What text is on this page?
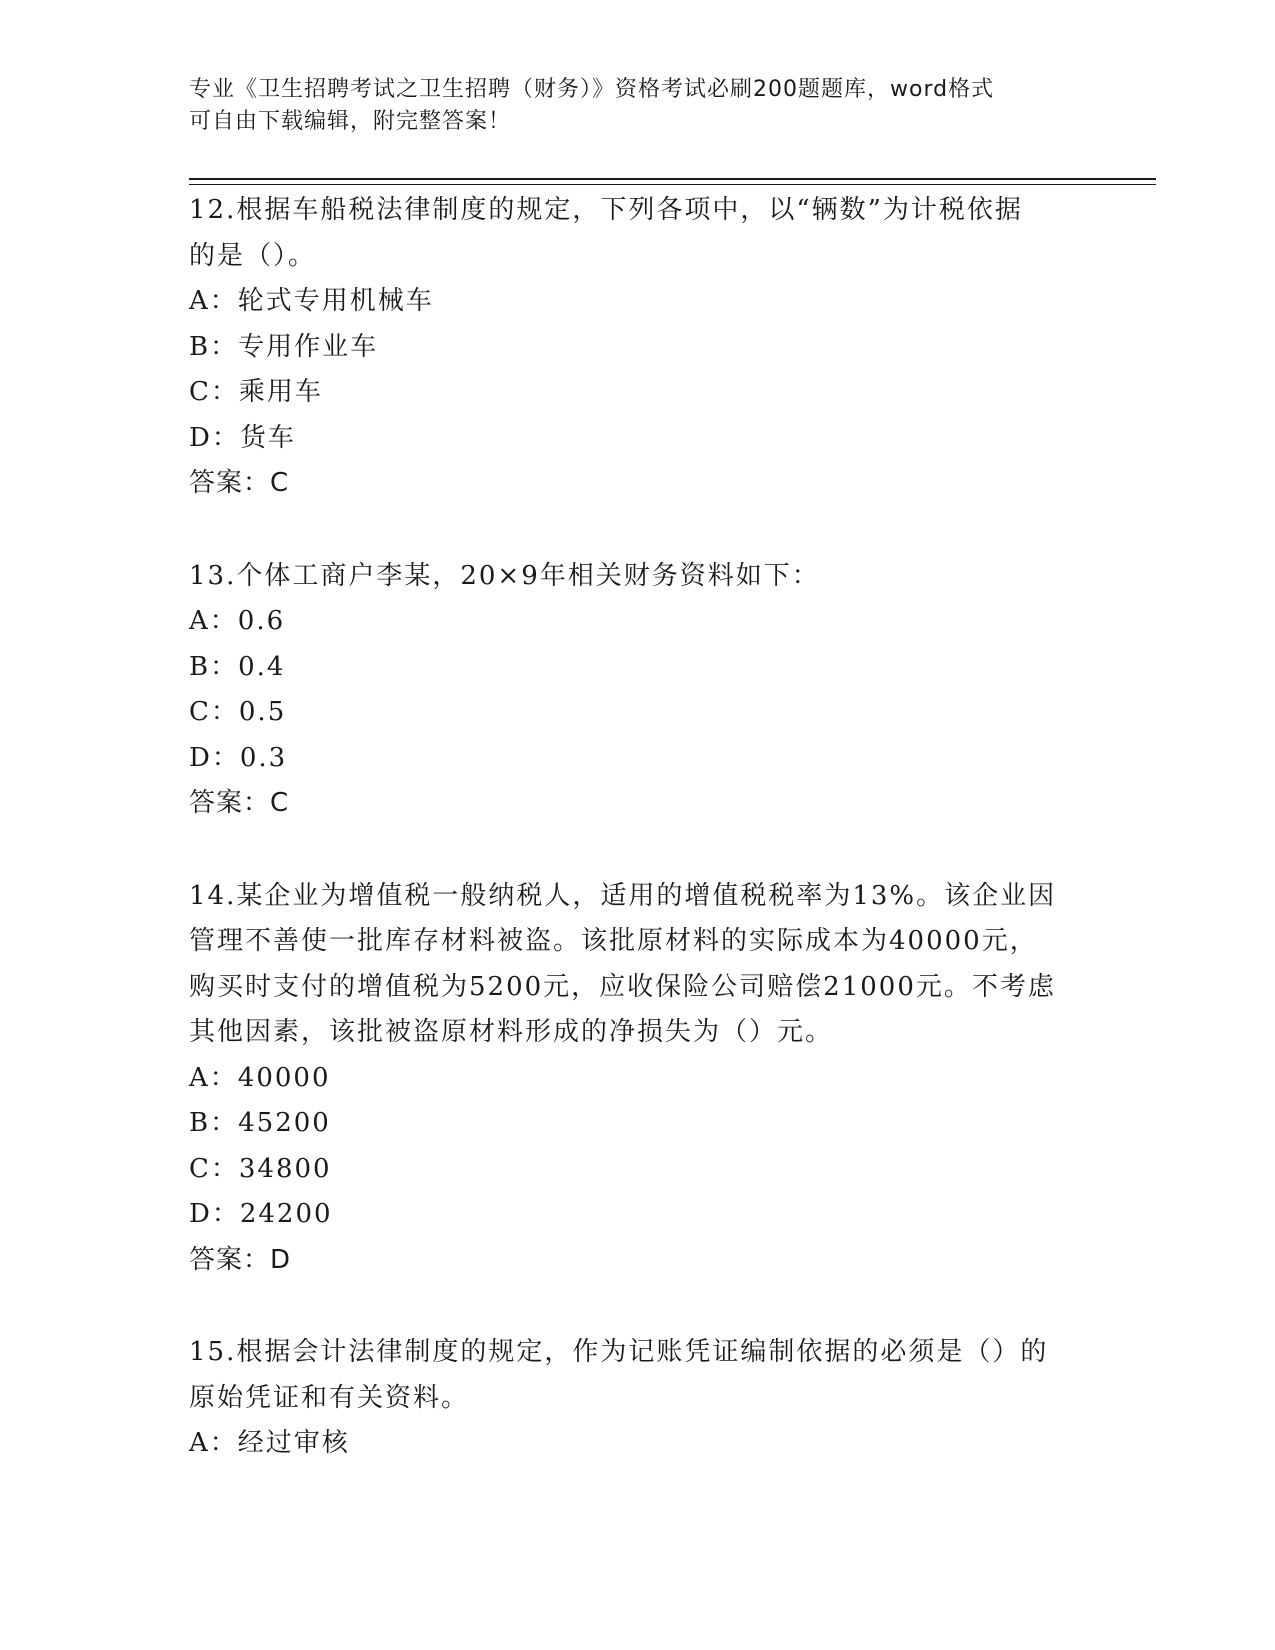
专业《卫生招聘考试之卫生招聘（财务）》资格考试必刷200题题库，word格式
可自由下载编辑，附完整答案！
12.根据车船税法律制度的规定，下列各项中，以“辆数”为计税依据
的是（）。
A：轮式专用机械车
B：专用作业车
C：乘用车
D：货车
答案：C
13.个体工商户李某，20×9年相关财务资料如下：
A：0.6
B：0.4
C：0.5
D：0.3
答案：C
14.某企业为增值税一般纳税人，适用的增值税税率为13%。该企业因
管理不善使一批库存材料被盗。该批原材料的实际成本为40000元，
购买时支付的增值税为5200元，应收保险公司赔偿21000元。不考虑
其他因素，该批被盗原材料形成的净损失为（）元。
A：40000
B：45200
C：34800
D：24200
答案：D
15.根据会计法律制度的规定，作为记账凭证编制依据的必须是（）的
原始凭证和有关资料。
A：经过审核
